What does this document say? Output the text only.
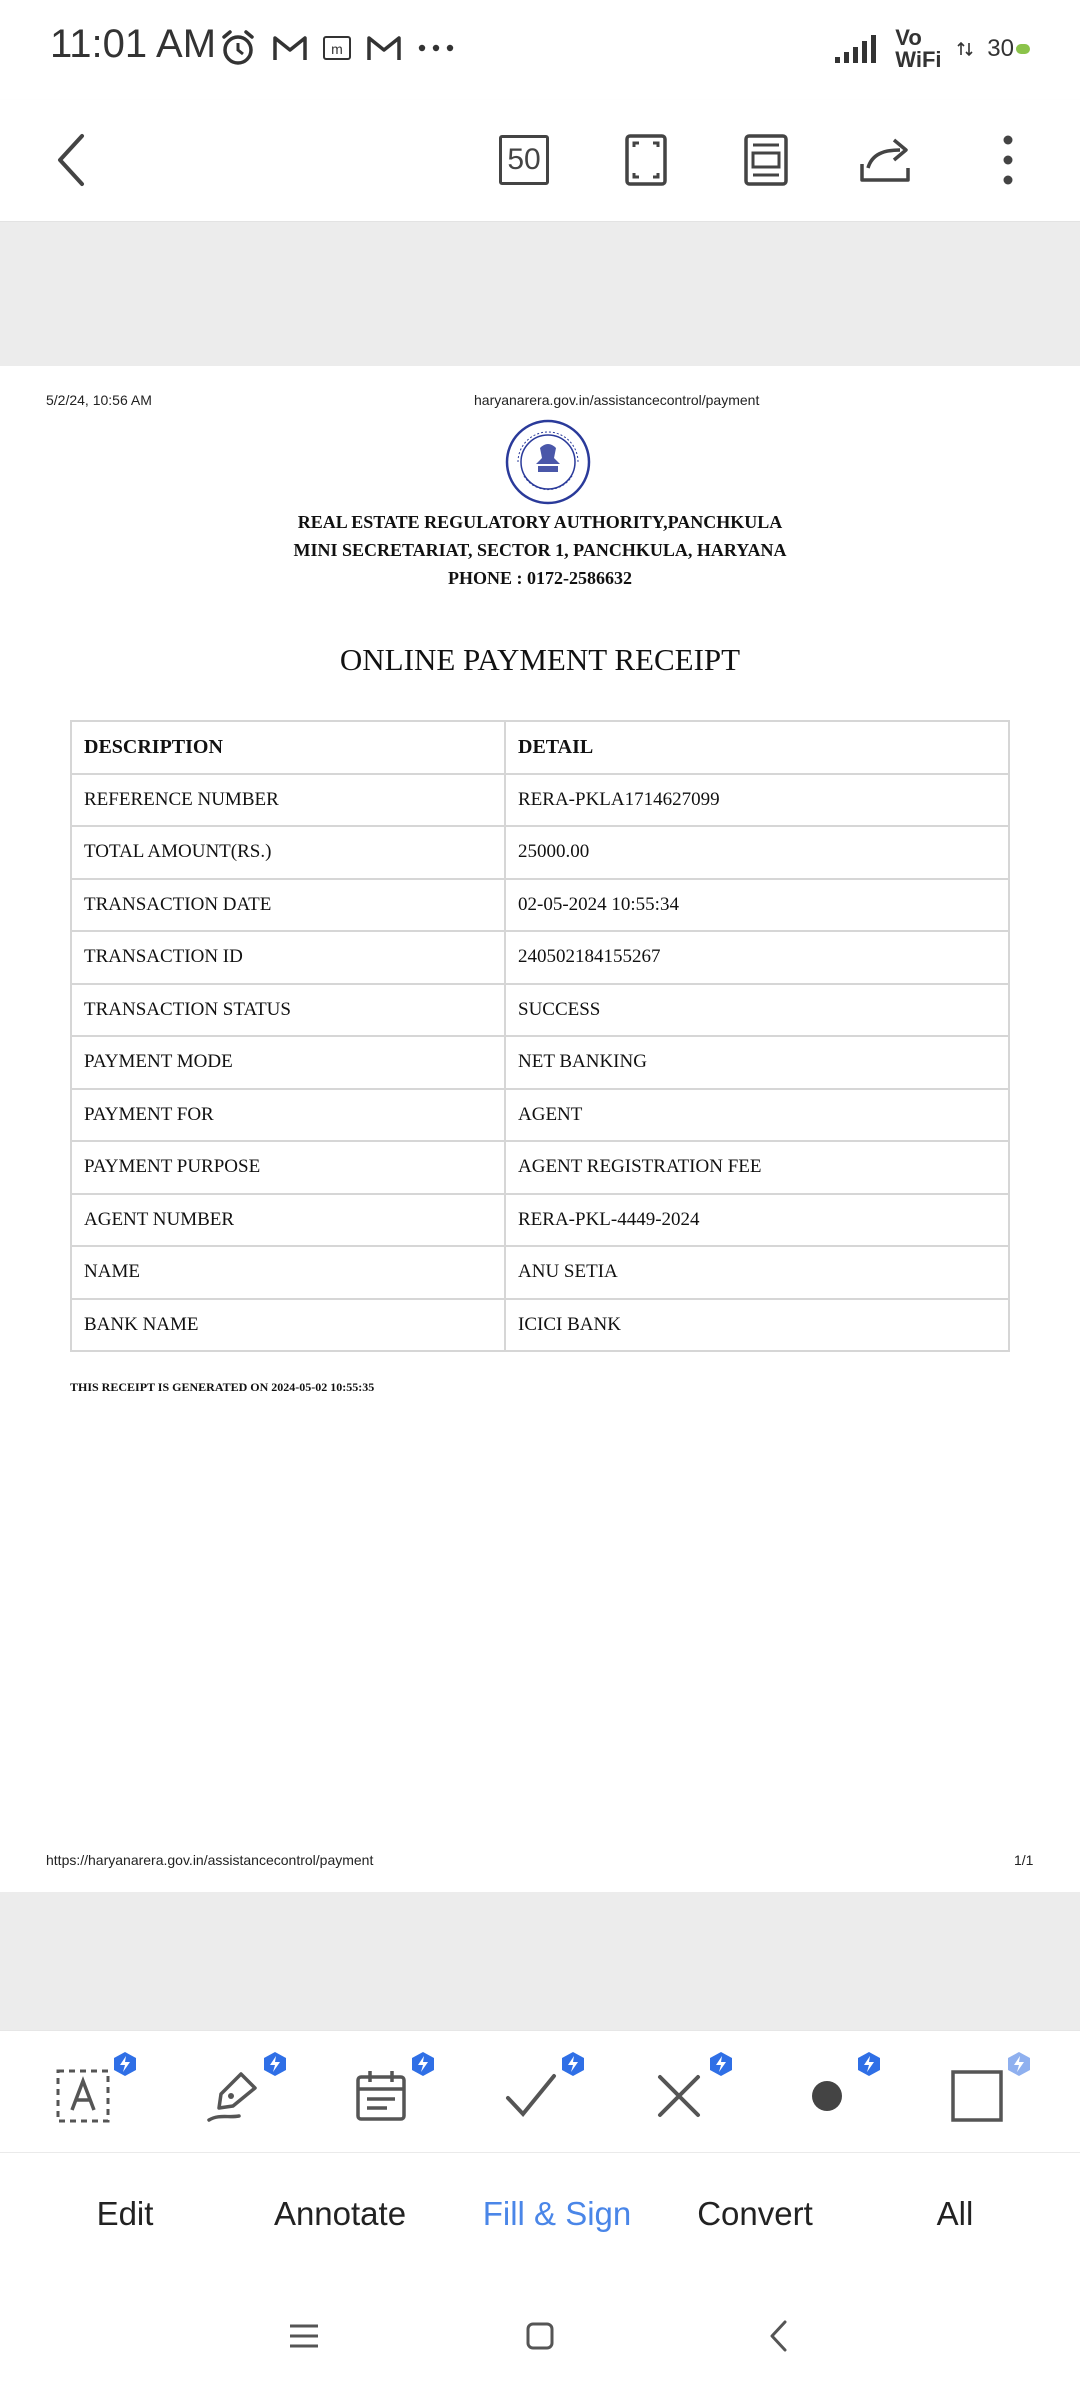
11:01 AM	m	Vo
WiFi 30
50
5/2/24, 10:56 AM	haryanarera.gov.in/assistancecontrol/payment
REAL ESTATE REGULATORY AUTHORITY,PANCHKULA
MINI SECRETARIAT, SECTOR 1, PANCHKULA, HARYANA
PHONE : 0172-2586632
ONLINE PAYMENT RECEIPT
DESCRIPTION	DETAIL
REFERENCE NUMBER	RERA-PKLA1714627099
TOTAL AMOUNT(RS.)	25000.00
TRANSACTION DATE	02-05-2024 10:55:34
TRANSACTION ID	240502184155267
TRANSACTION STATUS	SUCCESS
PAYMENT MODE	NET BANKING
PAYMENT FOR	AGENT
PAYMENT PURPOSE	AGENT REGISTRATION FEE
AGENT NUMBER	RERA-PKL-4449-2024
NAME	ANU SETIA
BANK NAME	ICICI BANK
THIS RECEIPT IS GENERATED ON 2024-05-02 10:55:35
https://haryanarera.gov.in/assistancecontrol/payment	1/1
Edit	Annotate	Fill & Sign	Convert	All
